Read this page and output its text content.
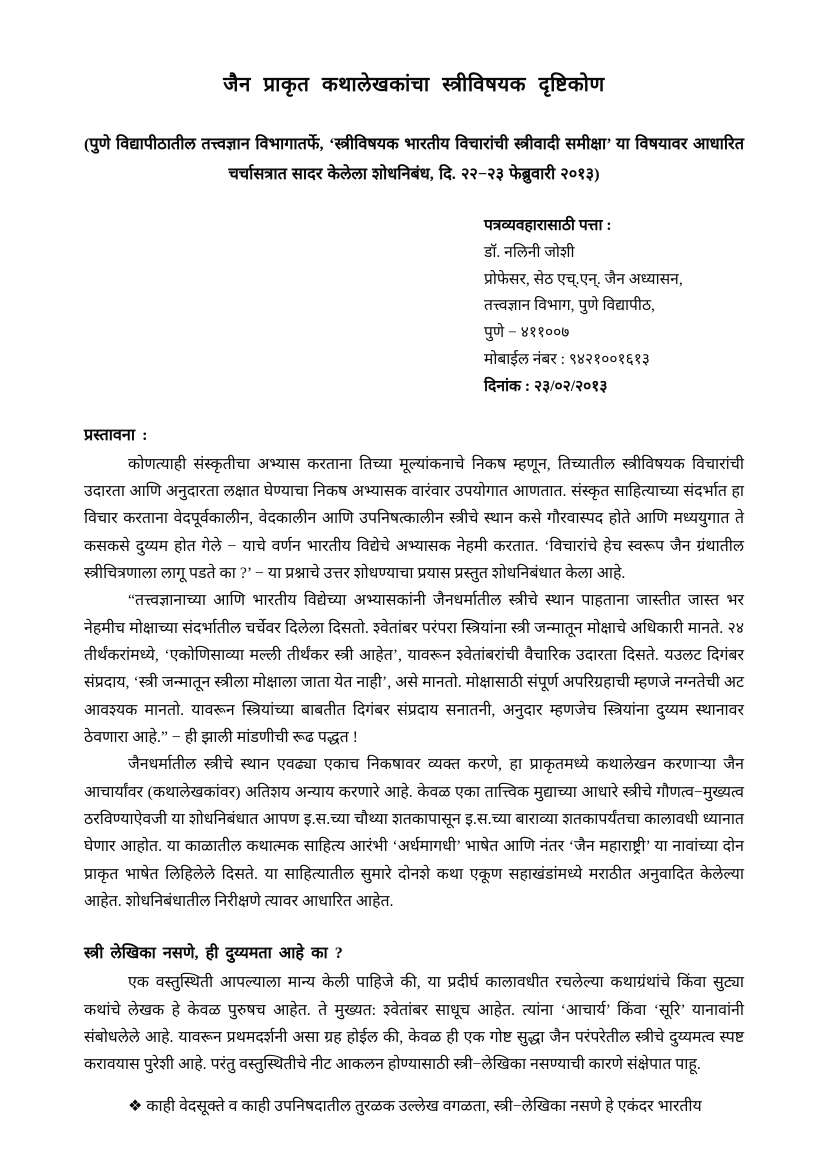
जैन प्राकृत कथालेखकांचा स्त्रीविषयक दृष्टिकोण

(पुणे विद्यापीठातील तत्त्वज्ञान विभागातर्फे, ‘स्त्रीविषयक भारतीय विचारांची स्त्रीवादी समीक्षा’ या विषयावर आधारित चर्चासत्रात सादर केलेला शोधनिबंध, दि. २२−२३ फेब्रुवारी २०१३)

पत्रव्यवहारासाठी पत्ता :
डॉ. नलिनी जोशी
प्रोफेसर, सेठ एच्.एन्. जैन अध्यासन,
तत्त्वज्ञान विभाग, पुणे विद्यापीठ,
पुणे − ४११००७
मोबाईल नंबर : ९४२१००१६१३
दिनांक : २३/०२/२०१३
प्रस्तावना :

कोणत्याही संस्कृतीचा अभ्यास करताना तिच्या मूल्यांकनाचे निकष म्हणून, तिच्यातील स्त्रीविषयक विचारांची उदारता आणि अनुदारता लक्षात घेण्याचा निकष अभ्यासक वारंवार उपयोगात आणतात. संस्कृत साहित्याच्या संदर्भात हा विचार करताना वेदपूर्वकालीन, वेदकालीन आणि उपनिषत्कालीन स्त्रीचे स्थान कसे गौरवास्पद होते आणि मध्ययुगात ते कसकसे दुय्यम होत गेले − याचे वर्णन भारतीय विद्येचे अभ्यासक नेहमी करतात. ‘विचारांचे हेच स्वरूप जैन ग्रंथातील स्त्रीचित्रणाला लागू पडते का ?’ − या प्रश्नाचे उत्तर शोधण्याचा प्रयास प्रस्तुत शोधनिबंधात केला आहे.

“तत्त्वज्ञानाच्या आणि भारतीय विद्येच्या अभ्यासकांनी जैनधर्मातील स्त्रीचे स्थान पाहताना जास्तीत जास्त भर नेहमीच मोक्षाच्या संदर्भातील चर्चेवर दिलेला दिसतो. श्वेतांबर परंपरा स्त्रियांना स्त्री जन्मातून मोक्षाचे अधिकारी मानते. २४ तीर्थंकरांमध्ये, ‘एकोणिसाव्या मल्ली तीर्थंकर स्त्री आहेत’, यावरून श्वेतांबरांची वैचारिक उदारता दिसते. यउलट दिगंबर संप्रदाय, ‘स्त्री जन्मातून स्त्रीला मोक्षाला जाता येत नाही’, असे मानतो. मोक्षासाठी संपूर्ण अपरिग्रहाची म्हणजे नग्नतेची अट आवश्यक मानतो. यावरून स्त्रियांच्या बाबतीत दिगंबर संप्रदाय सनातनी, अनुदार म्हणजेच स्त्रियांना दुय्यम स्थानावर ठेवणारा आहे.” − ही झाली मांडणीची रूढ पद्धत !

जैनधर्मातील स्त्रीचे स्थान एवढ्या एकाच निकषावर व्यक्त करणे, हा प्राकृतमध्ये कथालेखन करणाऱ्या जैन आचार्यांवर (कथालेखकांवर) अतिशय अन्याय करणारे आहे. केवळ एका तात्त्विक मुद्याच्या आधारे स्त्रीचे गौणत्व−मुख्यत्व ठरविण्याऐवजी या शोधनिबंधात आपण इ.स.च्या चौथ्या शतकापासून इ.स.च्या बाराव्या शतकापर्यंतचा कालावधी ध्यानात घेणार आहोत. या काळातील कथात्मक साहित्य आरंभी ‘अर्धमागधी’ भाषेत आणि नंतर ‘जैन महाराष्ट्री’ या नावांच्या दोन प्राकृत भाषेत लिहिलेले दिसते. या साहित्यातील सुमारे दोनशे कथा एकूण सहाखंडांमध्ये मराठीत अनुवादित केलेल्या आहेत. शोधनिबंधातील निरीक्षणे त्यावर आधारित आहेत.

स्त्री लेखिका नसणे, ही दुय्यमता आहे का ?

एक वस्तुस्थिती आपल्याला मान्य केली पाहिजे की, या प्रदीर्घ कालावधीत रचलेल्या कथाग्रंथांचे किंवा सुट्या कथांचे लेखक हे केवळ पुरुषच आहेत. ते मुख्यत: श्वेतांबर साधूच आहेत. त्यांना ‘आचार्य’ किंवा ‘सूरि’ यानावांनी संबोधलेले आहे. यावरून प्रथमदर्शनी असा ग्रह होईल की, केवळ ही एक गोष्ट सुद्धा जैन परंपरेतील स्त्रीचे दुय्यमत्व स्पष्ट करावयास पुरेशी आहे. परंतु वस्तुस्थितीचे नीट आकलन होण्यासाठी स्त्री−लेखिका नसण्याची कारणे संक्षेपात पाहू.

❖ काही वेदसूक्ते व काही उपनिषदातील तुरळक उल्लेख वगळता, स्त्री−लेखिका नसणे हे एकंदर भारतीय
